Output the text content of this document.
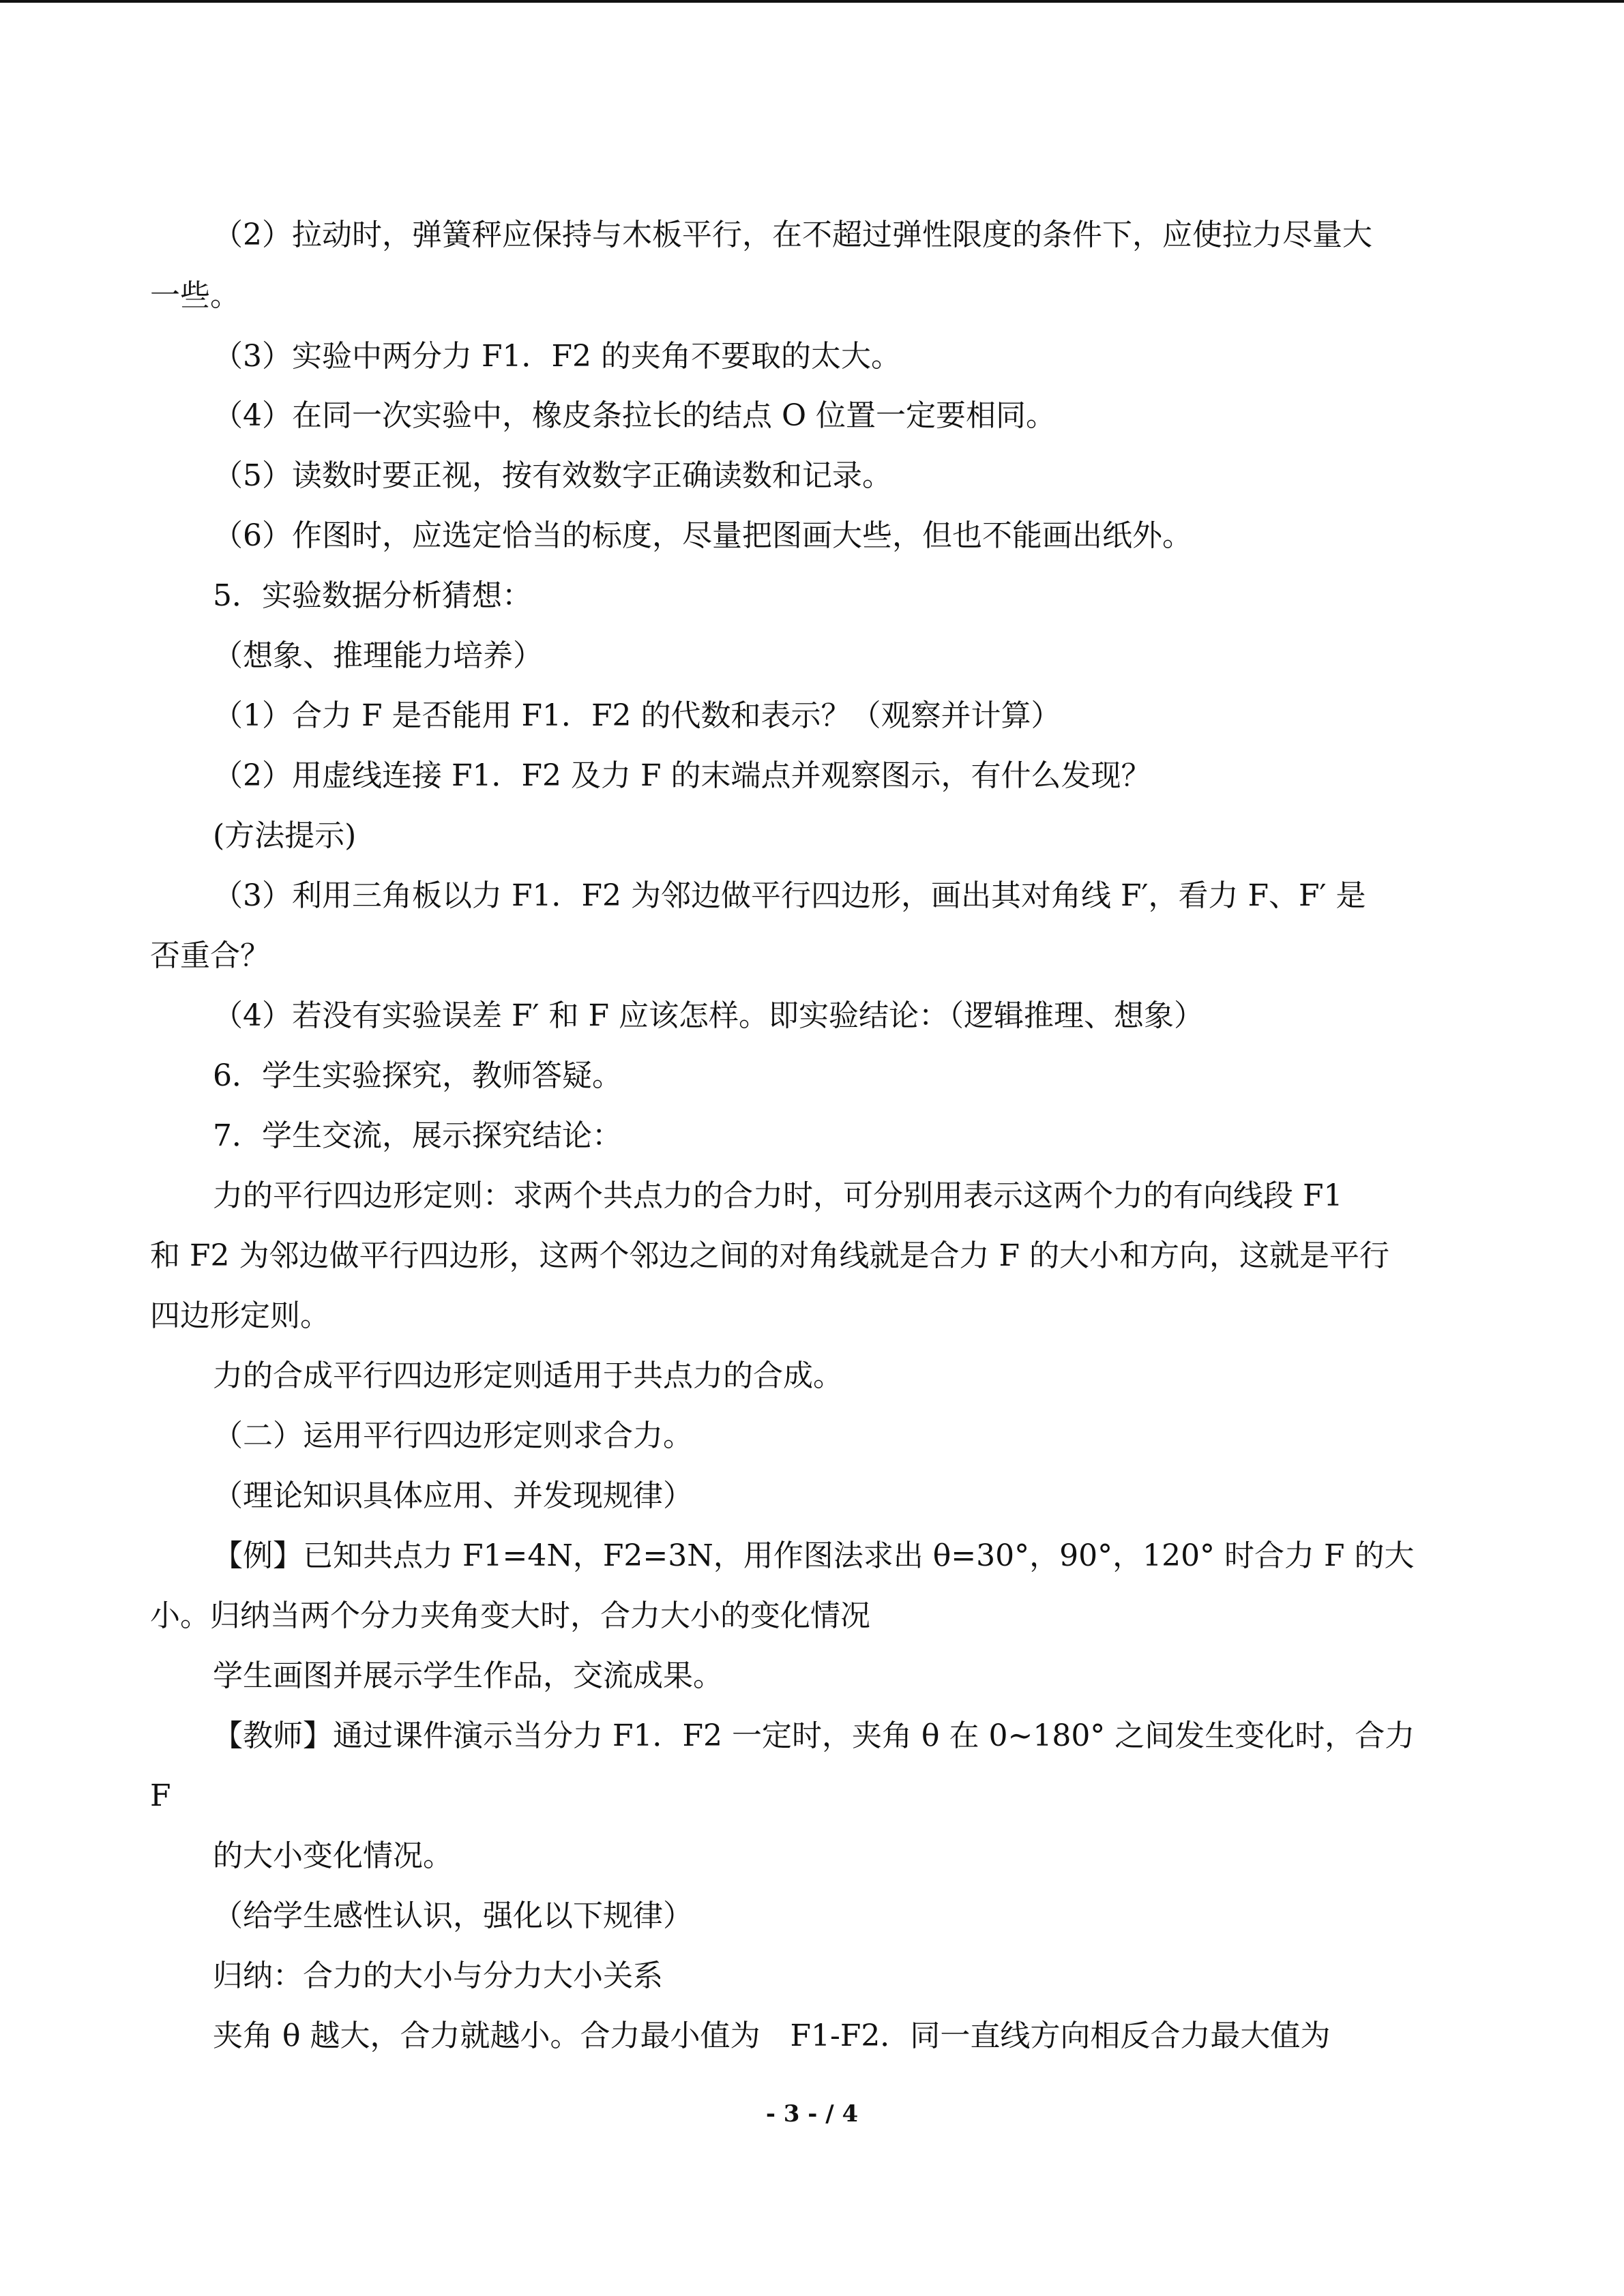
（2）拉动时，弹簧秤应保持与木板平行，在不超过弹性限度的条件下，应使拉力尽量大
一些。
（3）实验中两分力 F1．F2 的夹角不要取的太大。
（4）在同一次实验中，橡皮条拉长的结点 O 位置一定要相同。
（5）读数时要正视，按有效数字正确读数和记录。
（6）作图时，应选定恰当的标度，尽量把图画大些，但也不能画出纸外。
5．实验数据分析猜想：
（想象、推理能力培养）
（1）合力 F 是否能用 F1．F2 的代数和表示？（观察并计算）
（2）用虚线连接 F1．F2 及力 F 的末端点并观察图示，有什么发现？
(方法提示)
（3）利用三角板以力 F1．F2 为邻边做平行四边形，画出其对角线 F′，看力 F、F′ 是
否重合？
（4）若没有实验误差 F′ 和 F 应该怎样。即实验结论：（逻辑推理、想象）
6．学生实验探究，教师答疑。
7．学生交流，展示探究结论：
力的平行四边形定则：求两个共点力的合力时，可分别用表示这两个力的有向线段 F1
和 F2 为邻边做平行四边形，这两个邻边之间的对角线就是合力 F 的大小和方向，这就是平行
四边形定则。
力的合成平行四边形定则适用于共点力的合成。
（二）运用平行四边形定则求合力。
（理论知识具体应用、并发现规律）
【例】已知共点力 F1=4N，F2=3N，用作图法求出 θ=30°，90°，120° 时合力 F 的大
小。归纳当两个分力夹角变大时，合力大小的变化情况
学生画图并展示学生作品，交流成果。
【教师】通过课件演示当分力 F1．F2 一定时，夹角 θ 在 0~180° 之间发生变化时，合力
F
的大小变化情况。
（给学生感性认识，强化以下规律）
归纳：合力的大小与分力大小关系
夹角 θ 越大，合力就越小。合力最小值为　F1-F2．同一直线方向相反合力最大值为
- 3 - / 4
